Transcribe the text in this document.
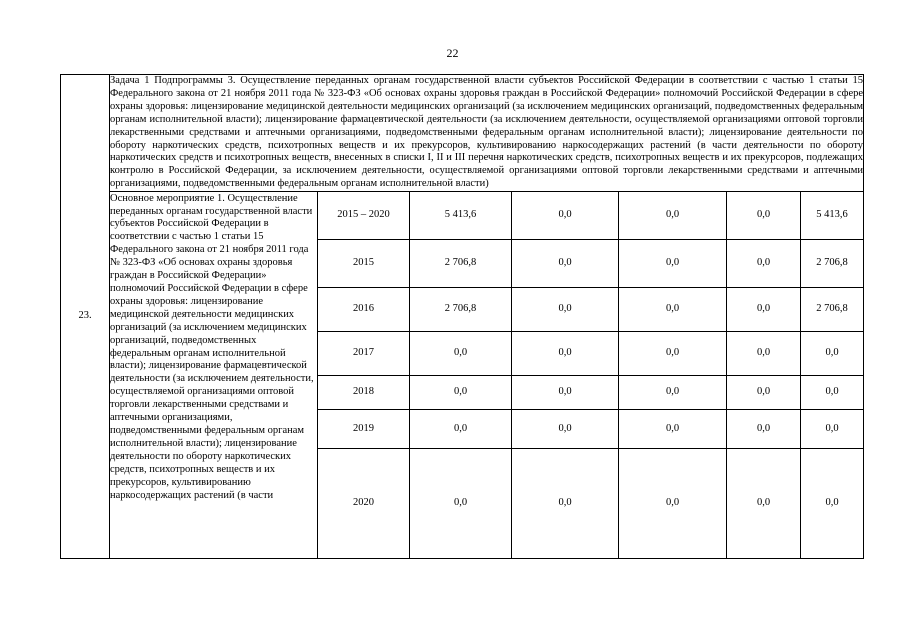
22
23.	Задача 1 Подпрограммы 3. Осуществление переданных органам государственной власти субъектов Российской Федерации в соответствии с частью 1 статьи 15 Федерального закона от 21 ноября 2011 года № 323-ФЗ «Об основах охраны здоровья граждан в Российской Федерации» полномочий Российской Федерации в сфере охраны здоровья: лицензирование медицинской деятельности медицинских организаций (за исключением медицинских организаций, подведомственных федеральным органам исполнительной власти); лицензирование фармацевтической деятельности (за исключением деятельности, осуществляемой организациями оптовой торговли лекарственными средствами и аптечными организациями, подведомственными федеральным органам исполнительной власти); лицензирование деятельности по обороту наркотических средств, психотропных веществ и их прекурсоров, культивированию наркосодержащих растений (в части деятельности по обороту наркотических средств и психотропных веществ, внесенных в списки I, II и III перечня наркотических средств, психотропных веществ и их прекурсоров, подлежащих контролю в Российской Федерации, за исключением деятельности, осуществляемой организациями оптовой торговли лекарственными средствами и аптечными организациями, подведомственными федеральным органам исполнительной власти)						

	Основное мероприятие 1. Осуществление переданных органам государственной власти субъектов Российской Федерации в соответствии с частью 1 статьи 15 Федерального закона от 21 ноября 2011 года № 323-ФЗ «Об основах охраны здоровья граждан в Российской Федерации» полномочий Российской Федерации в сфере охраны здоровья: лицензирование медицинской деятельности медицинских организаций (за исключением медицинских организаций, подведомственных федеральным органам исполнительной власти); лицензирование фармацевтической деятельности (за исключением деятельности, осуществляемой организациями оптовой торговли лекарственными средствами и аптечными организациями, подведомственными федеральным органам исполнительной власти); лицензирование деятельности по обороту наркотических средств, психотропных веществ и их прекурсоров, культивированию наркосодержащих растений (в части	2015 – 2020	5 413,6	0,0	0,0	0,0	5 413,6
		2015	2 706,8	0,0	0,0	0,0	2 706,8
		2016	2 706,8	0,0	0,0	0,0	2 706,8
		2017	0,0	0,0	0,0	0,0	0,0
		2018	0,0	0,0	0,0	0,0	0,0
		2019	0,0	0,0	0,0	0,0	0,0
		2020	0,0	0,0	0,0	0,0	0,0
